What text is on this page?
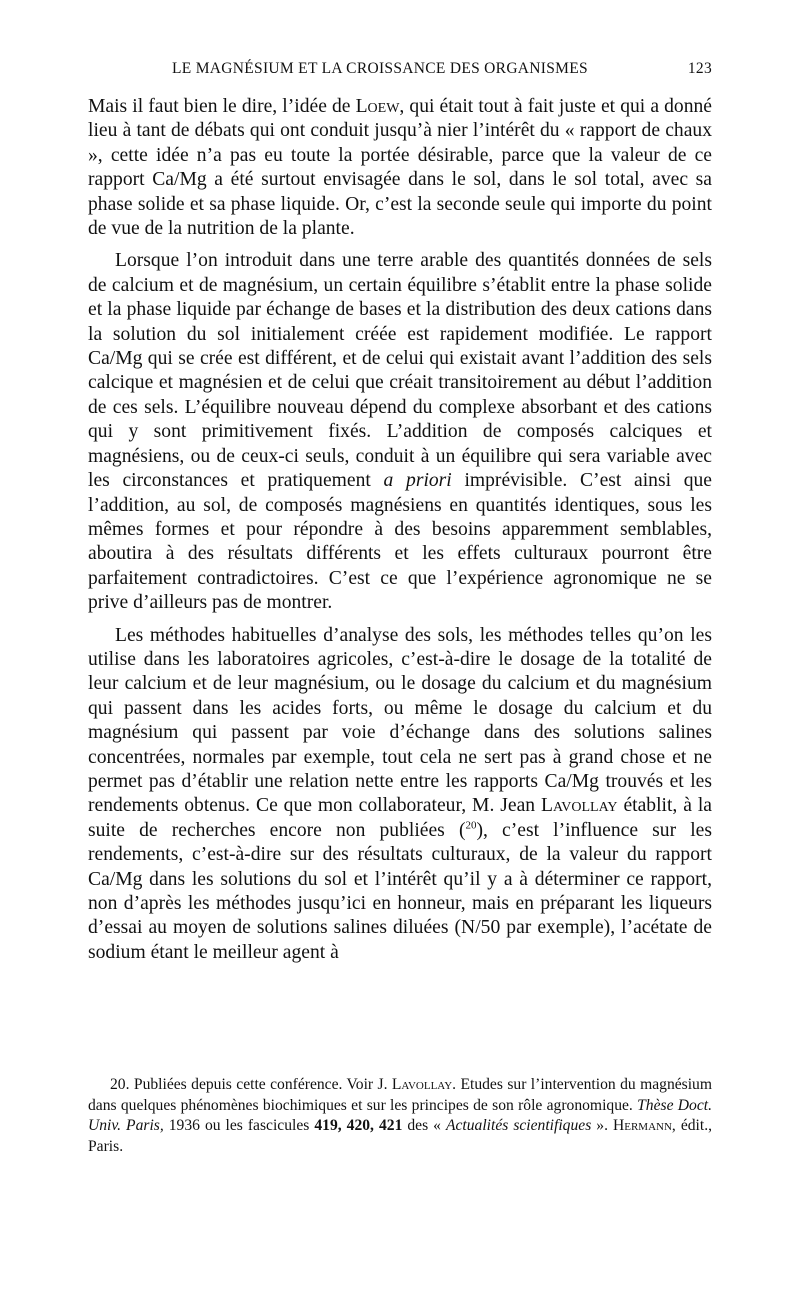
LE MAGNÉSIUM ET LA CROISSANCE DES ORGANISMES	123

Mais il faut bien le dire, l’idée de Loew, qui était tout à fait juste et qui a donné lieu à tant de débats qui ont conduit jusqu’à nier l’intérêt du « rapport de chaux », cette idée n’a pas eu toute la portée désirable, parce que la valeur de ce rapport Ca/Mg a été surtout envisagée dans le sol, dans le sol total, avec sa phase solide et sa phase liquide. Or, c’est la seconde seule qui importe du point de vue de la nutrition de la plante.

Lorsque l’on introduit dans une terre arable des quantités données de sels de calcium et de magnésium, un certain équilibre s’établit entre la phase solide et la phase liquide par échange de bases et la distribution des deux cations dans la solution du sol initialement créée est rapidement modifiée. Le rapport Ca/Mg qui se crée est différent, et de celui qui existait avant l’addition des sels calcique et magnésien et de celui que créait transitoirement au début l’addition de ces sels. L’équilibre nouveau dépend du complexe absorbant et des cations qui y sont primitivement fixés. L’addition de composés calciques et magnésiens, ou de ceux-ci seuls, conduit à un équilibre qui sera variable avec les circonstances et pratiquement a priori imprévisible. C’est ainsi que l’addition, au sol, de composés magnésiens en quantités identiques, sous les mêmes formes et pour répondre à des besoins apparemment semblables, aboutira à des résultats différents et les effets culturaux pourront être parfaitement contradictoires. C’est ce que l’expérience agronomique ne se prive d’ailleurs pas de montrer.

Les méthodes habituelles d’analyse des sols, les méthodes telles qu’on les utilise dans les laboratoires agricoles, c’est-à-dire le dosage de la totalité de leur calcium et de leur magnésium, ou le dosage du calcium et du magnésium qui passent dans les acides forts, ou même le dosage du calcium et du magnésium qui passent par voie d’échange dans des solutions salines concentrées, normales par exemple, tout cela ne sert pas à grand chose et ne permet pas d’établir une relation nette entre les rapports Ca/Mg trouvés et les rendements obtenus. Ce que mon collaborateur, M. Jean Lavollay établit, à la suite de recherches encore non publiées ($^{20}$), c’est l’influence sur les rendements, c’est-à-dire sur des résultats culturaux, de la valeur du rapport Ca/Mg dans les solutions du sol et l’intérêt qu’il y a à déterminer ce rapport, non d’après les méthodes jusqu’ici en honneur, mais en préparant les liqueurs d’essai au moyen de solutions salines diluées (N/50 par exemple), l’acétate de sodium étant le meilleur agent à

20. Publiées depuis cette conférence. Voir J. Lavollay. Etudes sur l’intervention du magnésium dans quelques phénomènes biochimiques et sur les principes de son rôle agronomique. Thèse Doct. Univ. Paris, 1936 ou les fascicules 419, 420, 421 des « Actualités scientifiques ». Hermann, édit., Paris.
